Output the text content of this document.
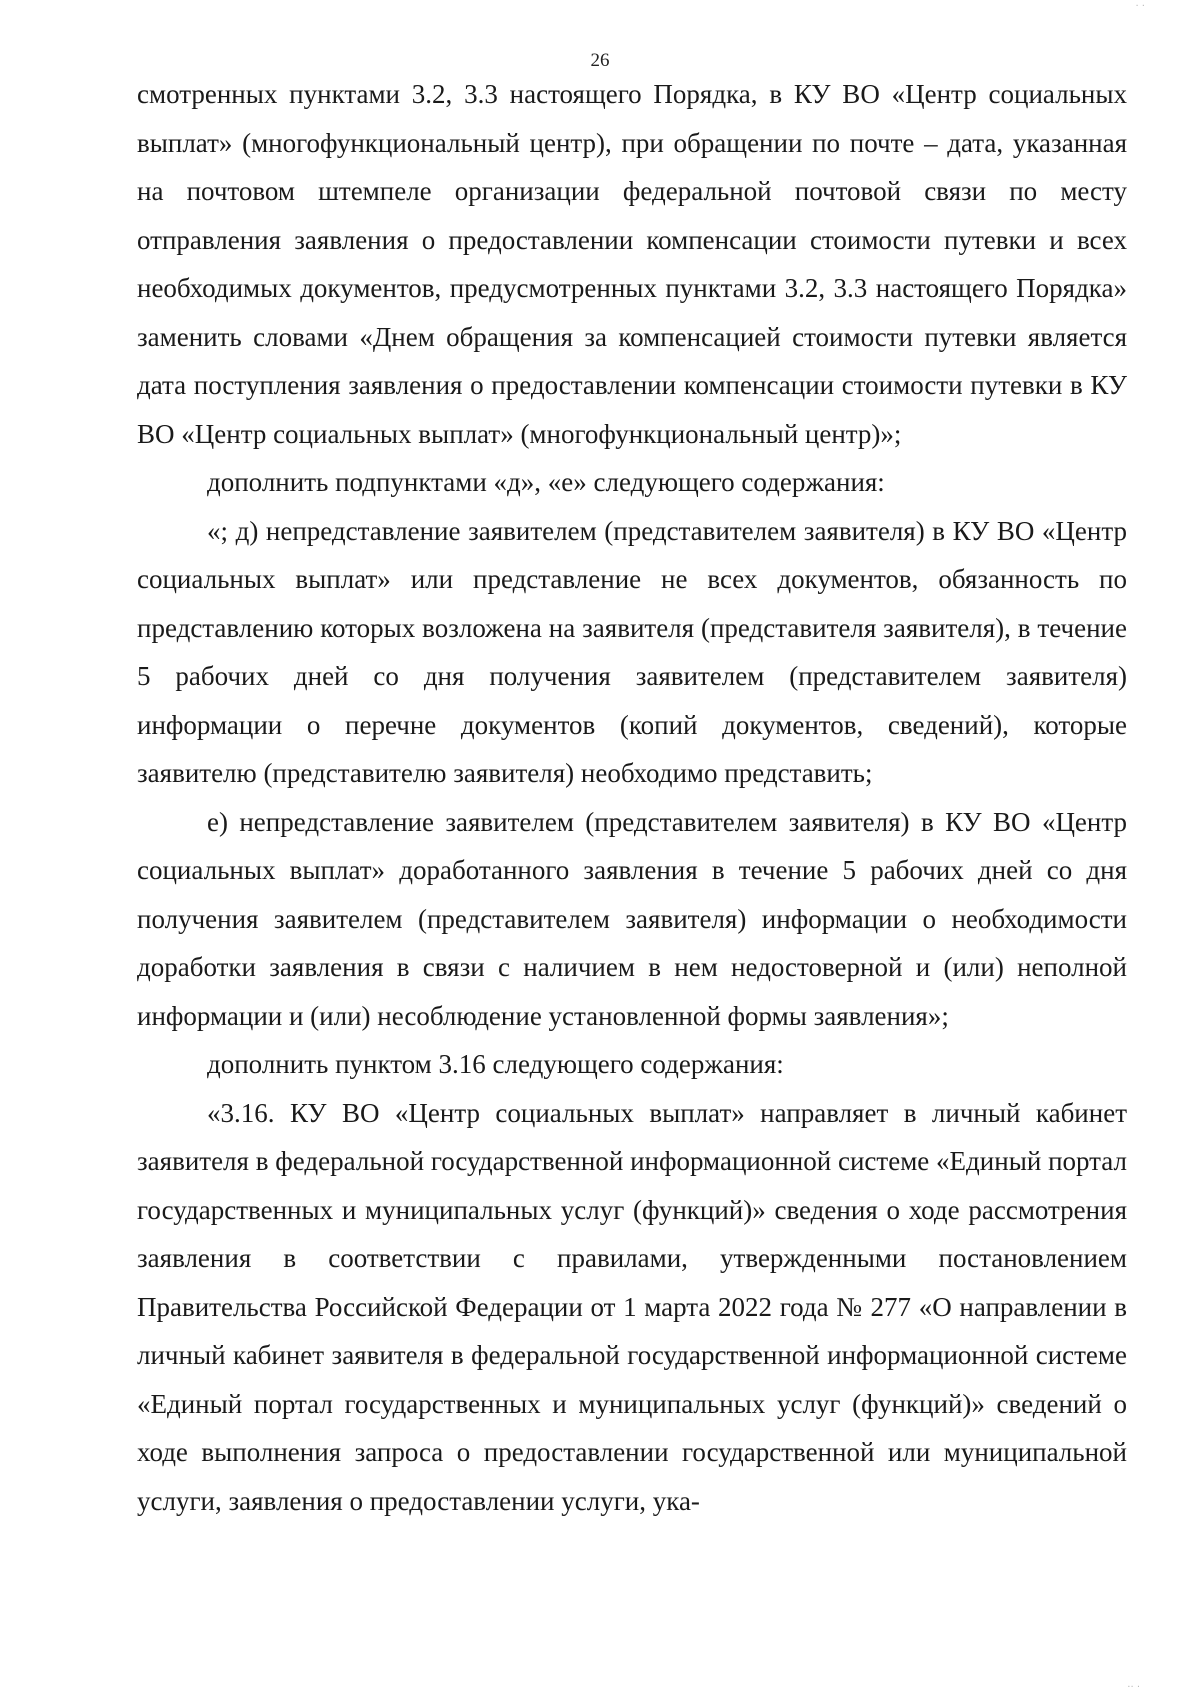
· ·
26

смотренных пунктами 3.2, 3.3 настоящего Порядка, в КУ ВО «Центр социальных выплат» (многофункциональный центр), при обращении по почте – дата, указанная на почтовом штемпеле организации федеральной почтовой связи по месту отправления заявления о предоставлении компенсации стоимости путевки и всех необходимых документов, предусмотренных пунктами 3.2, 3.3 настоящего Порядка» заменить словами «Днем обращения за компенсацией стоимости путевки является дата поступления заявления о предоставлении компенсации стоимости путевки в КУ ВО «Центр социальных выплат» (многофункциональный центр)»;

дополнить подпунктами «д», «е» следующего содержания:

«; д) непредставление заявителем (представителем заявителя) в КУ ВО «Центр социальных выплат» или представление не всех документов, обязанность по представлению которых возложена на заявителя (представителя заявителя), в течение 5 рабочих дней со дня получения заявителем (представителем заявителя) информации о перечне документов (копий документов, сведений), которые заявителю (представителю заявителя) необходимо представить;

е) непредставление заявителем (представителем заявителя) в КУ ВО «Центр социальных выплат» доработанного заявления в течение 5 рабочих дней со дня получения заявителем (представителем заявителя) информации о необходимости доработки заявления в связи с наличием в нем недостоверной и (или) неполной информации и (или) несоблюдение установленной формы заявления»;

дополнить пунктом 3.16 следующего содержания:

«3.16. КУ ВО «Центр социальных выплат» направляет в личный кабинет заявителя в федеральной государственной информационной системе «Единый портал государственных и муниципальных услуг (функций)» сведения о ходе рассмотрения заявления в соответствии с правилами, утвержденными постановлением Правительства Российской Федерации от 1 марта 2022 года № 277 «О направлении в личный кабинет заявителя в федеральной государственной информационной системе «Единый портал государственных и муниципальных услуг (функций)» сведений о ходе выполнения запроса о предоставлении государственной или муниципальной услуги, заявления о предоставлении услуги, ука-

·· ·
